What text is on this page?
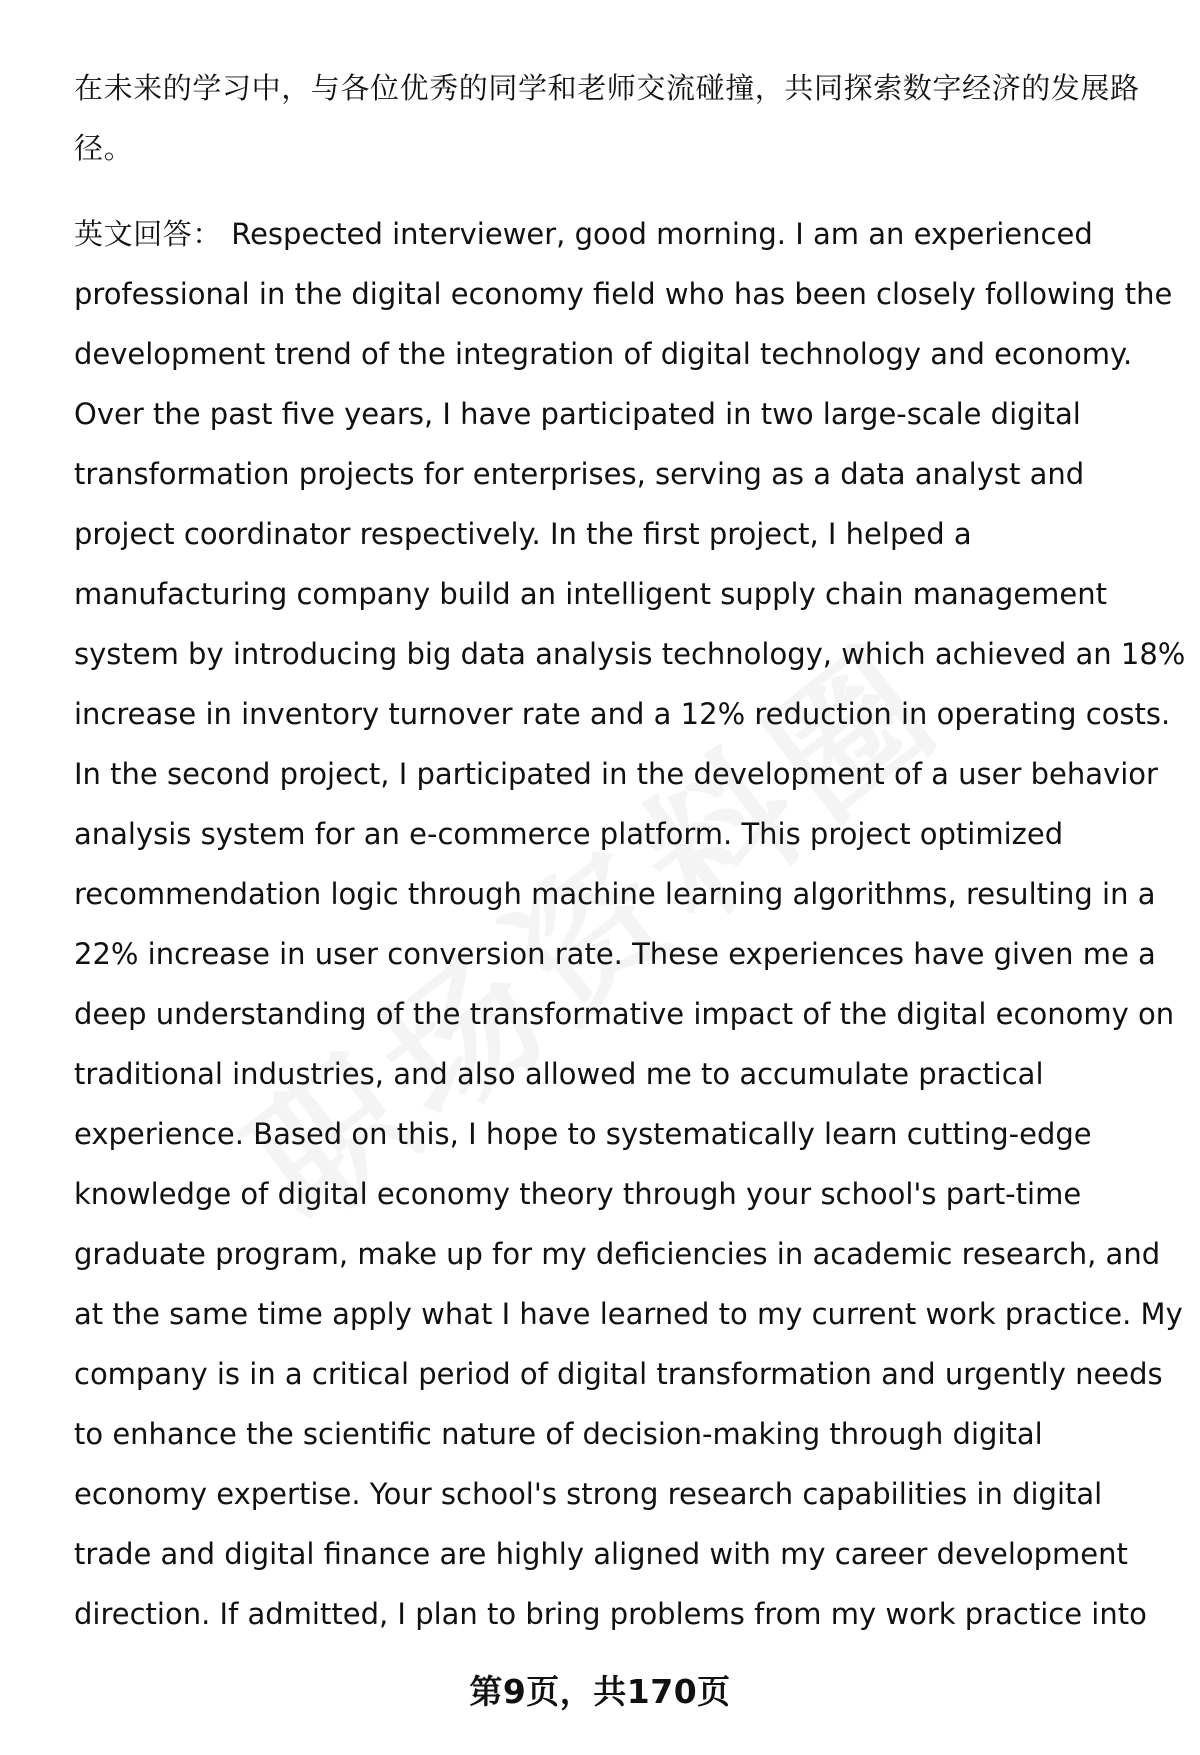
在未来的学习中，与各位优秀的同学和老师交流碰撞，共同探索数字经济的发展路
径。

英文回答： Respected interviewer, good morning. I am an experienced
professional in the digital economy field who has been closely following the
development trend of the integration of digital technology and economy.
Over the past five years, I have participated in two large-scale digital
transformation projects for enterprises, serving as a data analyst and
project coordinator respectively. In the first project, I helped a
manufacturing company build an intelligent supply chain management
system by introducing big data analysis technology, which achieved an 18%
increase in inventory turnover rate and a 12% reduction in operating costs.
In the second project, I participated in the development of a user behavior
analysis system for an e-commerce platform. This project optimized
recommendation logic through machine learning algorithms, resulting in a
22% increase in user conversion rate. These experiences have given me a
deep understanding of the transformative impact of the digital economy on
traditional industries, and also allowed me to accumulate practical
experience. Based on this, I hope to systematically learn cutting-edge
knowledge of digital economy theory through your school's part-time
graduate program, make up for my deficiencies in academic research, and
at the same time apply what I have learned to my current work practice. My
company is in a critical period of digital transformation and urgently needs
to enhance the scientific nature of decision-making through digital
economy expertise. Your school's strong research capabilities in digital
trade and digital finance are highly aligned with my career development
direction. If admitted, I plan to bring problems from my work practice into

第9页，共170页
